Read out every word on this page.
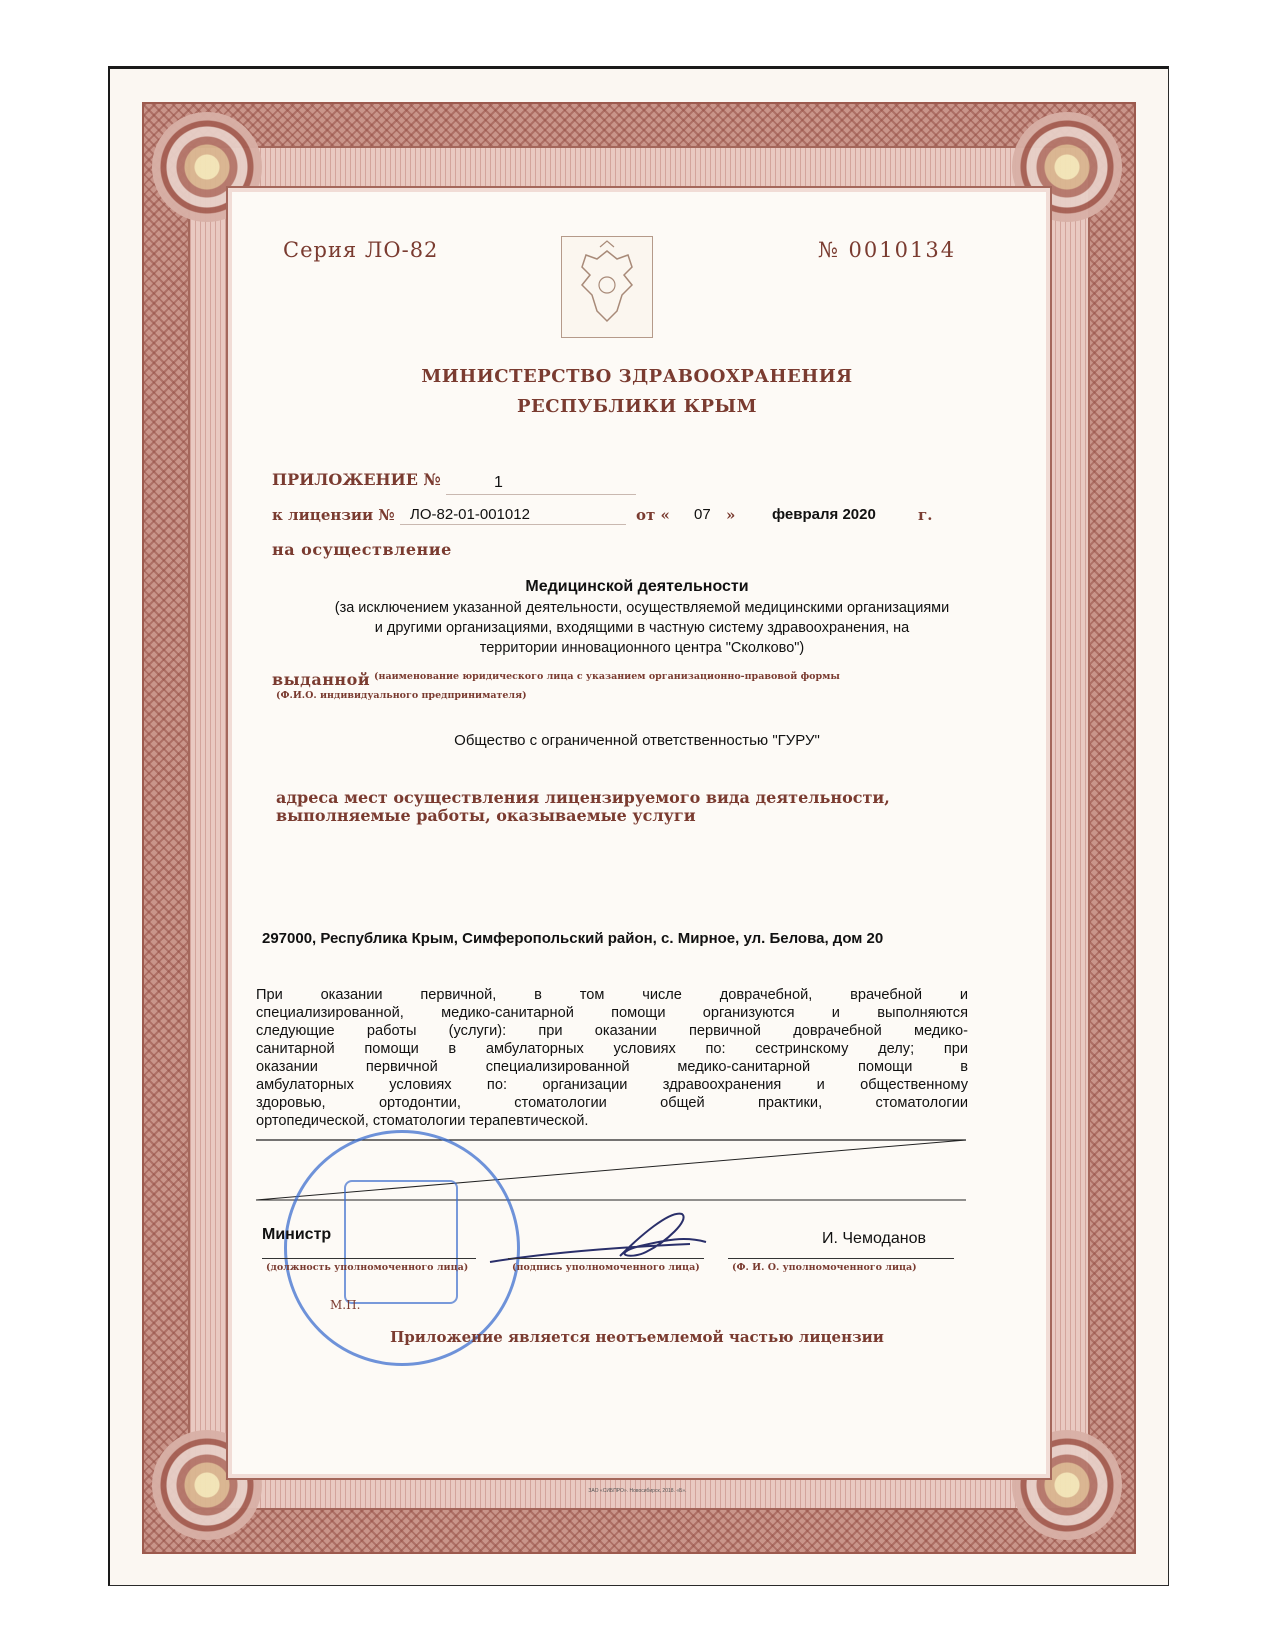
Серия ЛО-82	№ 0010134
МИНИСТЕРСТВО ЗДРАВООХРАНЕНИЯ
РЕСПУБЛИКИ КРЫМ
ПРИЛОЖЕНИЕ №	1
к лицензии № ЛО-82-01-001012	от « 07 » февраля 2020	г.
на осуществление
Медицинской деятельности
(за исключением указанной деятельности, осуществляемой медицинскими организациями
и другими организациями, входящими в частную систему здравоохранения, на
территории инновационного центра "Сколково")
выданной (наименование юридического лица с указанием организационно-правовой формы
(Ф.И.О. индивидуального предпринимателя)
Общество с ограниченной ответственностью "ГУРУ"
адреса мест осуществления лицензируемого вида деятельности,
выполняемые работы, оказываемые услуги
297000, Республика Крым, Симферопольский район, с. Мирное, ул. Белова, дом 20
При оказании первичной, в том числе доврачебной, врачебной и
специализированной, медико-санитарной помощи организуются и выполняются
следующие работы (услуги): при оказании первичной доврачебной медико-
санитарной помощи в амбулаторных условиях по: сестринскому делу; при
оказании первичной специализированной медико-санитарной помощи в
амбулаторных условиях по: организации здравоохранения и общественному
здоровью, ортодонтии, стоматологии общей практики, стоматологии
ортопедической, стоматологии терапевтической.
Министр	И. Чемоданов
(должность уполномоченного лица)	(подпись уполномоченного лица)	(Ф. И. О. уполномоченного лица)
М.П.
Приложение является неотъемлемой частью лицензии
ЗАО «СИБПРО». Новосибирск, 2018. «Б».
